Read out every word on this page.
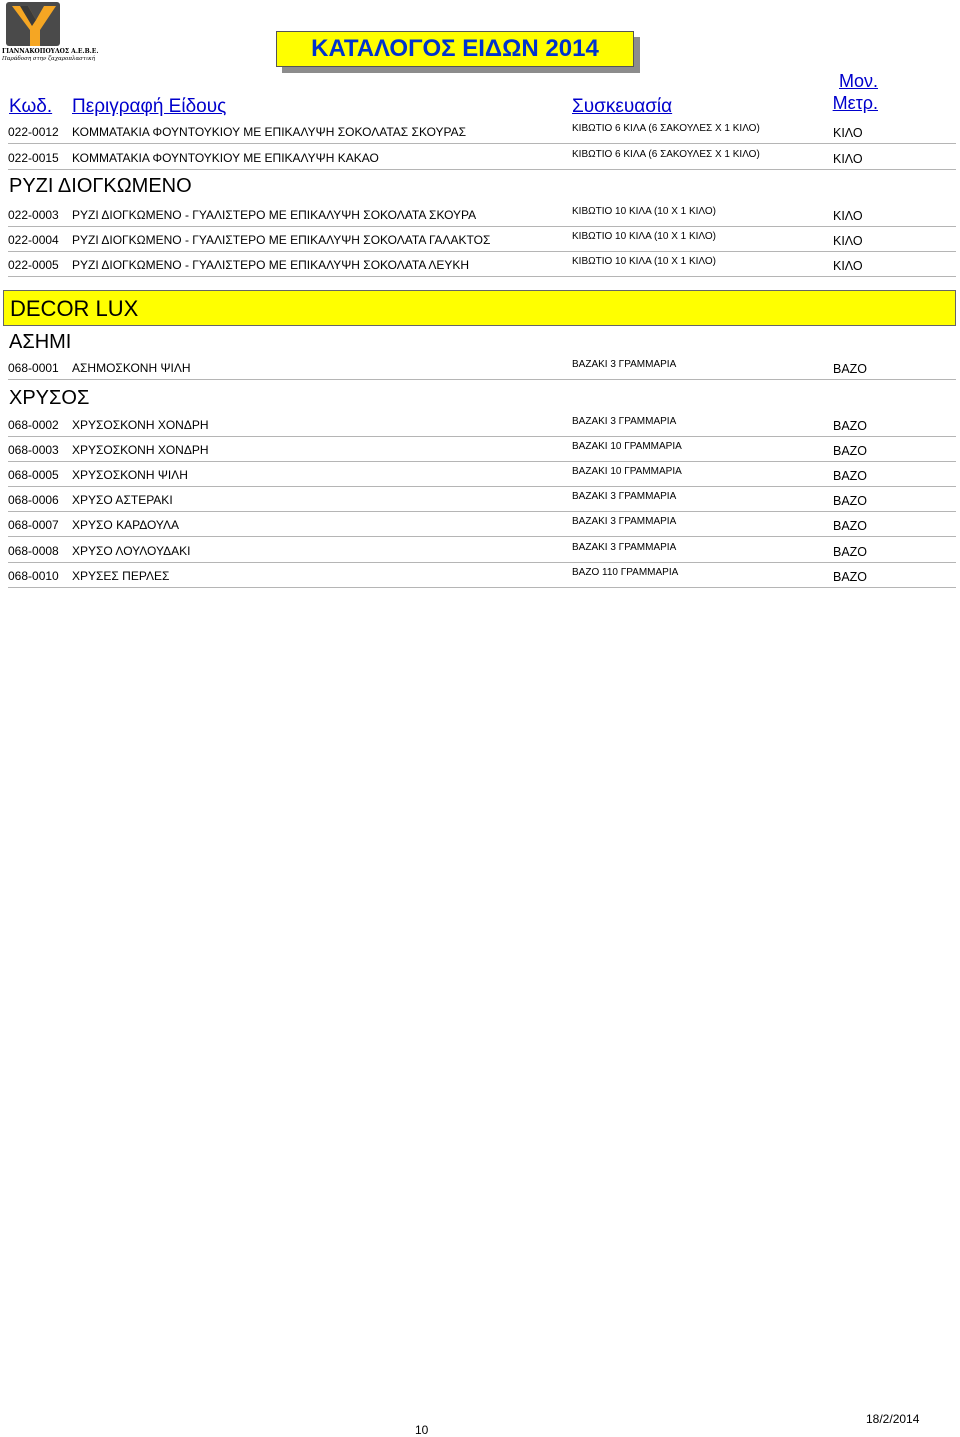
ΓΙΑΝΝΑΚΟΠΟΥΛΟΣ Α.Ε.Β.Ε.
Παράδοση στην ζαχαροπλαστική	ΚΑΤΑΛΟΓΟΣ ΕΙΔΩΝ 2014
Κωδ. Περιγραφή Είδους	Συσκευασία
Μον.
Μετρ.
022-0012 ΚΟΜΜΑΤΑΚΙΑ ΦΟΥΝΤΟΥΚΙΟΥ ΜΕ ΕΠΙΚΑΛΥΨΗ ΣΟΚΟΛΑΤΑΣ ΣΚΟΥΡΑΣ	ΚΙΒΩΤΙΟ 6 ΚΙΛΑ (6 ΣΑΚΟΥΛΕΣ Χ 1 ΚΙΛΟ)	ΚΙΛΟ
022-0015 ΚΟΜΜΑΤΑΚΙΑ ΦΟΥΝΤΟΥΚΙΟΥ ΜΕ ΕΠΙΚΑΛΥΨΗ ΚΑΚΑΟ	ΚΙΒΩΤΙΟ 6 ΚΙΛΑ (6 ΣΑΚΟΥΛΕΣ Χ 1 ΚΙΛΟ)	ΚΙΛΟ
ΡΥΖΙ ΔΙΟΓΚΩΜΕΝΟ
022-0003 ΡΥΖΙ ΔΙΟΓΚΩΜΕΝΟ - ΓΥΑΛΙΣΤΕΡΟ ΜΕ ΕΠΙΚΑΛΥΨΗ ΣΟΚΟΛΑΤΑ ΣΚΟΥΡΑ	ΚΙΒΩΤΙΟ 10 ΚΙΛΑ (10 Χ 1 ΚΙΛΟ)	ΚΙΛΟ
022-0004 ΡΥΖΙ ΔΙΟΓΚΩΜΕΝΟ - ΓΥΑΛΙΣΤΕΡΟ ΜΕ ΕΠΙΚΑΛΥΨΗ ΣΟΚΟΛΑΤΑ ΓΑΛΑΚΤΟΣ	ΚΙΒΩΤΙΟ 10 ΚΙΛΑ (10 Χ 1 ΚΙΛΟ)	ΚΙΛΟ
022-0005 ΡΥΖΙ ΔΙΟΓΚΩΜΕΝΟ - ΓΥΑΛΙΣΤΕΡΟ ΜΕ ΕΠΙΚΑΛΥΨΗ ΣΟΚΟΛΑΤΑ ΛΕΥΚΗ	ΚΙΒΩΤΙΟ 10 ΚΙΛΑ (10 Χ 1 ΚΙΛΟ)	ΚΙΛΟ
DECOR LUX
ΑΣΗΜΙ
068-0001 ΑΣΗΜΟΣΚΟΝΗ ΨΙΛΗ	ΒΑΖΑΚΙ 3 ΓΡΑΜΜΑΡΙΑ	ΒΑΖΟ
ΧΡΥΣΟΣ
068-0002 ΧΡΥΣΟΣΚΟΝΗ ΧΟΝΔΡΗ	ΒΑΖΑΚΙ 3 ΓΡΑΜΜΑΡΙΑ	ΒΑΖΟ
068-0003 ΧΡΥΣΟΣΚΟΝΗ ΧΟΝΔΡΗ	ΒΑΖΑΚΙ 10 ΓΡΑΜΜΑΡΙΑ	ΒΑΖΟ
068-0005 ΧΡΥΣΟΣΚΟΝΗ ΨΙΛΗ	ΒΑΖΑΚΙ 10 ΓΡΑΜΜΑΡΙΑ	ΒΑΖΟ
068-0006 ΧΡΥΣΟ ΑΣΤΕΡΑΚΙ	ΒΑΖΑΚΙ 3 ΓΡΑΜΜΑΡΙΑ	ΒΑΖΟ
068-0007 ΧΡΥΣΟ ΚΑΡΔΟΥΛΑ	ΒΑΖΑΚΙ 3 ΓΡΑΜΜΑΡΙΑ	ΒΑΖΟ
068-0008 ΧΡΥΣΟ ΛΟΥΛΟΥΔΑΚΙ	ΒΑΖΑΚΙ 3 ΓΡΑΜΜΑΡΙΑ	ΒΑΖΟ
068-0010 ΧΡΥΣΕΣ ΠΕΡΛΕΣ	ΒΑΖΟ 110 ΓΡΑΜΜΑΡΙΑ	ΒΑΖΟ
10
18/2/2014
